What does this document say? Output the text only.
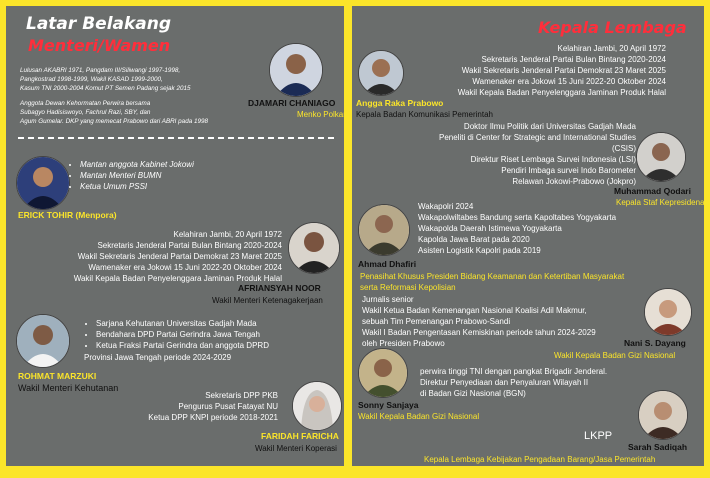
Latar Belakang
Menteri/Wamen
Lulusan AKABRI 1971, Pangdam III/Siliwangi 1997-1998,
Pangkostrad 1998-1999, Wakil KASAD 1999-2000,
Kasum TNI 2000-2004 Komut PT Semen Padang sejak 2015
Anggota Dewan Kehormatan Perwira bersama
Subagyo Hadisiswoyo, Fachrul Razi, SBY, dan
Agum Gumelar. DKP yang memecat Prabowo dari ABRI pada 1998
DJAMARI CHANIAGO
Menko Polkam
• Mantan anggota Kabinet Jokowi
• Mantan Menteri BUMN
• Ketua Umum PSSI
ERICK TOHIR (Menpora)
Kelahiran Jambi, 20 April 1972
Sekretaris Jenderal Partai Bulan Bintang 2020-2024
Wakil Sekretaris Jenderal Partai Demokrat 23 Maret 2025
Wamenaker era Jokowi 15 Juni 2022-20 Oktober 2024
Wakil Kepala Badan Penyelenggara Jaminan Produk Halal
AFRIANSYAH NOOR
Wakil Menteri Ketenagakerjaan
• Sarjana Kehutanan Universitas Gadjah Mada
• Bendahara DPD Partai Gerindra Jawa Tengah
• Ketua Fraksi Partai Gerindra dan anggota DPRD
Provinsi Jawa Tengah periode 2024-2029
ROHMAT MARZUKI
Wakil Menteri Kehutanan
Sekretaris DPP PKB
Pengurus Pusat Fatayat NU
Ketua DPP KNPI periode 2018-2021
FARIDAH FARICHA
Wakil Menteri Koperasi
Kepala Lembaga
Kelahiran Jambi, 20 April 1972
Sekretaris Jenderal Partai Bulan Bintang 2020-2024
Wakil Sekretaris Jenderal Partai Demokrat 23 Maret 2025
Wamenaker era Jokowi 15 Juni 2022-20 Oktober 2024
Wakil Kepala Badan Penyelenggara Jaminan Produk Halal
Angga Raka Prabowo
Kepala Badan Komunikasi Pemerintah
Doktor Ilmu Politik dari Universitas Gadjah Mada
Peneliti di Center for Strategic and International Studies
(CSIS)
Direktur Riset Lembaga Survei Indonesia (LSI)
Pendiri Imbaga survei Indo Barometer
Relawan Jokowi-Prabowo (Jokpro)
Muhammad Qodari
Kepala Staf Kepresidenan
Wakapolri 2024
Wakapolwiltabes Bandung serta Kapoltabes Yogyakarta
Wakapolda Daerah Istimewa Yogyakarta
Kapolda Jawa Barat pada 2020
Asisten Logistik Kapolri pada 2019
Ahmad Dhafiri
Penasihat Khusus Presiden Bidang Keamanan dan Ketertiban Masyarakat
serta Reformasi Kepolisian
Jurnalis senior
Wakil Ketua Badan Kemenangan Nasional Koalisi Adil Makmur,
sebuah Tim Pemenangan Prabowo-Sandi
Wakil I Badan Pengentasan Kemiskinan periode tahun 2024-2029
oleh Presiden Prabowo	Nani S. Dayang
Wakil Kepala Badan Gizi Nasional
perwira tinggi TNI dengan pangkat Brigadir Jenderal.
Direktur Penyediaan dan Penyaluran Wilayah II
di Badan Gizi Nasional (BGN)
Sonny Sanjaya
Wakil Kepala Badan Gizi Nasional
LKPP
Sarah Sadiqah
Kepala Lembaga Kebijakan Pengadaan Barang/Jasa Pemerintah
